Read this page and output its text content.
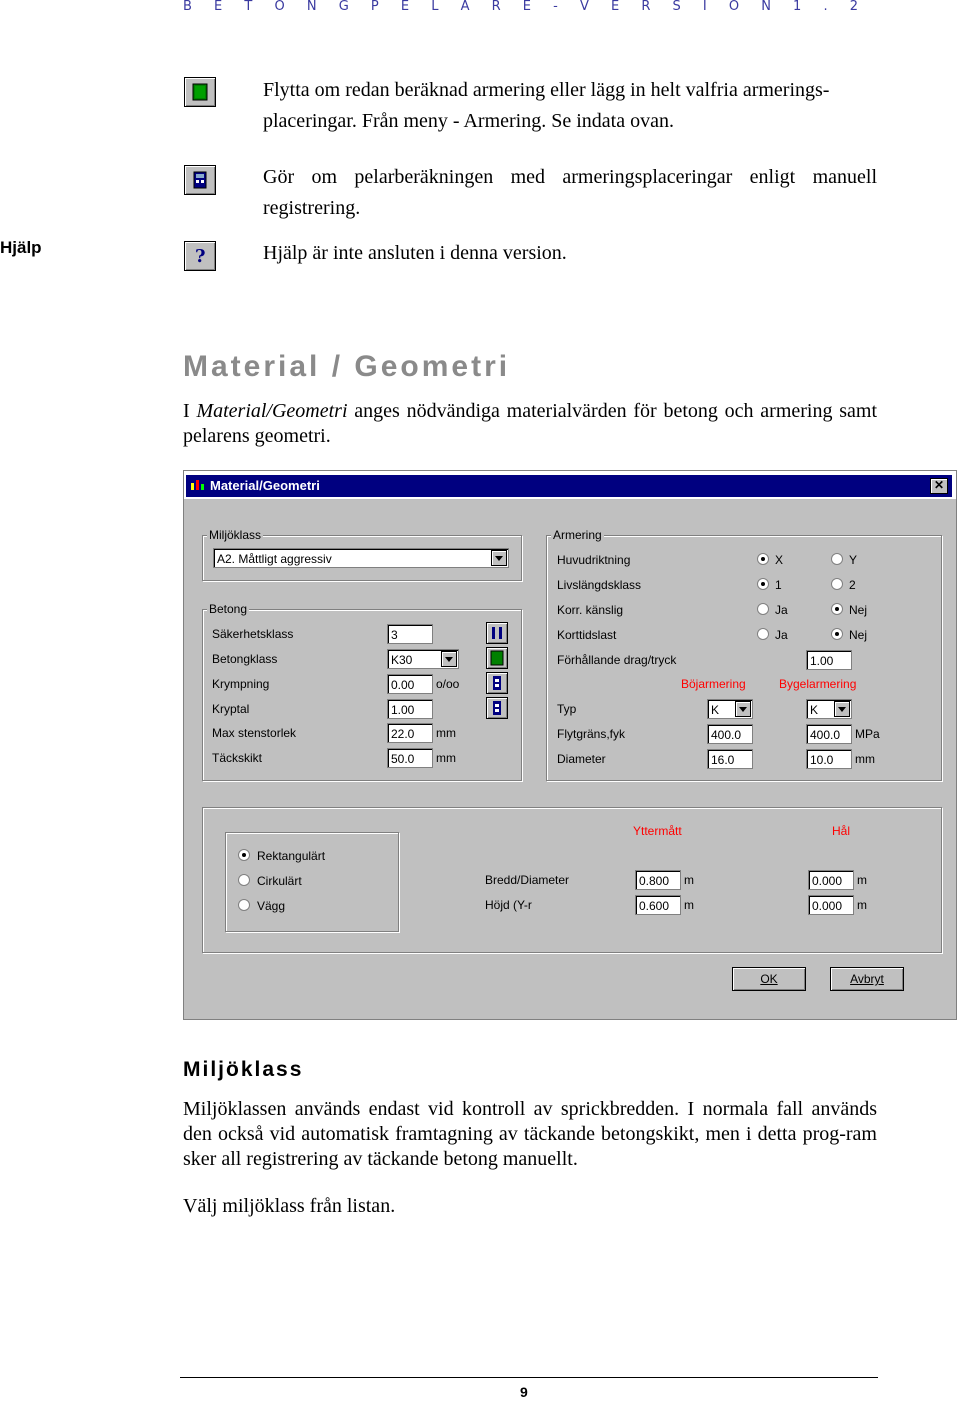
B E T O N G P E L A R E - V E R S I O N 1 . 2
Flytta om redan beräknad armering eller lägg in helt valfria armerings-placeringar. Från meny - Armering. Se indata ovan.
Gör om pelarberäkningen med armeringsplaceringar enligt manuell registrering.
Hjälp	?	Hjälp är inte ansluten i denna version.
Material / Geometri
I Material/Geometri anges nödvändiga materialvärden för betong och armering samt pelarens geometri.
Material/Geometri	✕
Miljöklass
A2. Måttligt aggressiv
Betong
Säkerhetsklass	3
Betongklass	K30
Krympning	0.00	o/oo
Kryptal	1.00
Max stenstorlek	22.0	mm
Täckskikt	50.0	mm
Armering
Huvudriktning	X	Y
Livslängdsklass	1	2
Korr. känslig	Ja	Nej
Korttidslast	Ja	Nej
Förhållande drag/tryck	1.00
Böjarmering	Bygelarmering
Typ	K	K
Flytgräns,fyk	400.0	400.0	MPa
Diameter	16.0	10.0	mm
Rektangulärt
Cirkulärt
Vägg
Yttermått	Hål
Bredd/Diameter	0.800	m	0.000	m
Höjd (Y-r	0.600	m	0.000	m
OK	Avbryt
Miljöklass
Miljöklassen används endast vid kontroll av sprickbredden. I normala fall används den också vid automatisk framtagning av täckande betongskikt, men i detta prog-ram sker all registrering av täckande betong manuellt.
Välj miljöklass från listan.
9
